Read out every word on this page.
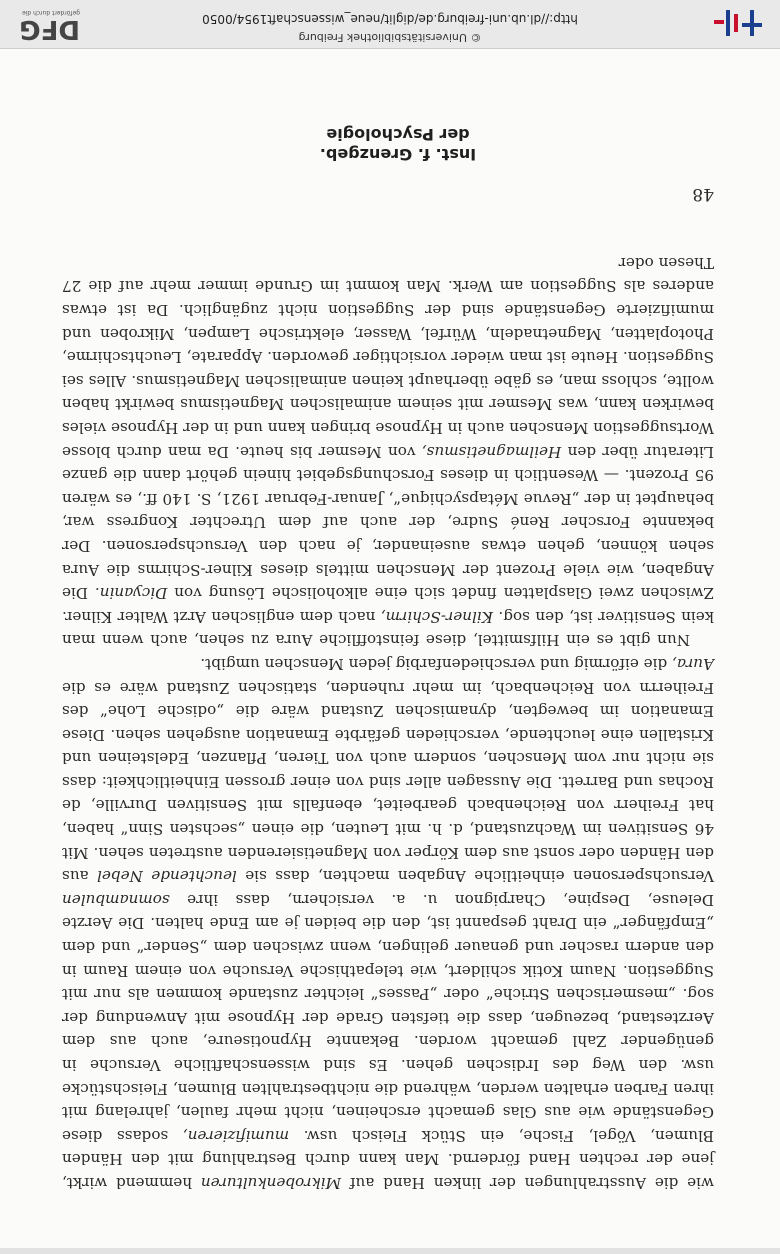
wie die Ausstrahlungen der linken Hand auf Mikrobenkulturen hemmend wirkt, jene der rechten Hand fördernd. Man kann durch Bestrahlung mit den Händen Blumen, Vögel, Fische, ein Stück Fleisch usw. mumifizieren, sodass diese Gegenstände wie aus Glas gemacht erscheinen, nicht mehr faulen, jahrelang mit ihren Farben erhalten werden, während die nichtbestrahlten Blumen, Fleischstücke usw. den Weg des Irdischen gehen. Es sind wissenschaftliche Versuche in genügender Zahl gemacht worden. Bekannte Hypnotiseure, auch aus dem Aerztestand, bezeugen, dass die tiefsten Grade der Hypnose mit Anwendung der sog. „mesmerischen Striche“ oder „Passes“ leichter zustande kommen als nur mit Suggestion. Naum Kotik schildert, wie telepathische Versuche von einem Raum in den andern rascher und genauer gelingen, wenn zwischen dem „Sender“ und dem „Empfänger“ ein Draht gespannt ist, den die beiden je am Ende halten. Die Aerzte Deleuse, Despine, Charpignon u. a. versichern, dass ihre somnambulen Versuchspersonen einheitliche Angaben machten, dass sie leuchtende Nebel aus den Händen oder sonst aus dem Körper von Magnetisierenden austreten sehen. Mit 46 Sensitiven im Wachzustand, d. h. mit Leuten, die einen „sechsten Sinn“ haben, hat Freiherr von Reichenbach gearbeitet, ebenfalls mit Sensitiven Durville, de Rochas und Barrett. Die Aussagen aller sind von einer grossen Einheitlichkeit: dass sie nicht nur vom Menschen, sondern auch von Tieren, Pflanzen, Edelsteinen und Kristallen eine leuchtende, verschieden gefärbte Emanation ausgehen sehen. Diese Emanation im bewegten, dynamischen Zustand wäre die „odische Lohe“ des Freiherrn von Reichenbach, im mehr ruhenden, statischen Zustand wäre es die Aura, die eiförmig und verschiedenfarbig jeden Menschen umgibt.

Nun gibt es ein Hilfsmittel, diese feinstoffliche Aura zu sehen, auch wenn man kein Sensitiver ist, den sog. Kilner-Schirm, nach dem englischen Arzt Walter Kilner. Zwischen zwei Glasplatten findet sich eine alkoholische Lösung von Dicyanin. Die Angaben, wie viele Prozent der Menschen mittels dieses Kilner-Schirms die Aura sehen können, gehen etwas auseinander, je nach den Versuchspersonen. Der bekannte Forscher René Sudre, der auch auf dem Utrechter Kongress war, behauptet in der „Revue Métapsychique“, Januar-Februar 1921, S. 140 ff., es wären 95 Prozent. — Wesentlich in dieses Forschungsgebiet hinein gehört dann die ganze Literatur über den Heilmagnetismus, von Mesmer bis heute. Da man durch blosse Wortsuggestion Menschen auch in Hypnose bringen kann und in der Hypnose vieles bewirken kann, was Mesmer mit seinem animalischen Magnetismus bewirkt haben wollte, schloss man, es gäbe überhaupt keinen animalischen Magnetismus. Alles sei Suggestion. Heute ist man wieder vorsichtiger geworden. Apparate, Leuchtschirme, Photoplatten, Magnetnadeln, Würfel, Wasser, elektrische Lampen, Mikroben und mumifizierte Gegenstände sind der Suggestion nicht zugänglich. Da ist etwas anderes als Suggestion am Werk. Man kommt im Grunde immer mehr auf die 27 Thesen oder

48
Inst. f. Grenzgeb.
der Psychologie
© Universitätsbibliothek Freiburg
http://dl.ub.uni-freiburg.de/diglit/neue_wissenschaft1954/0050
DFG
gefördert durch die
